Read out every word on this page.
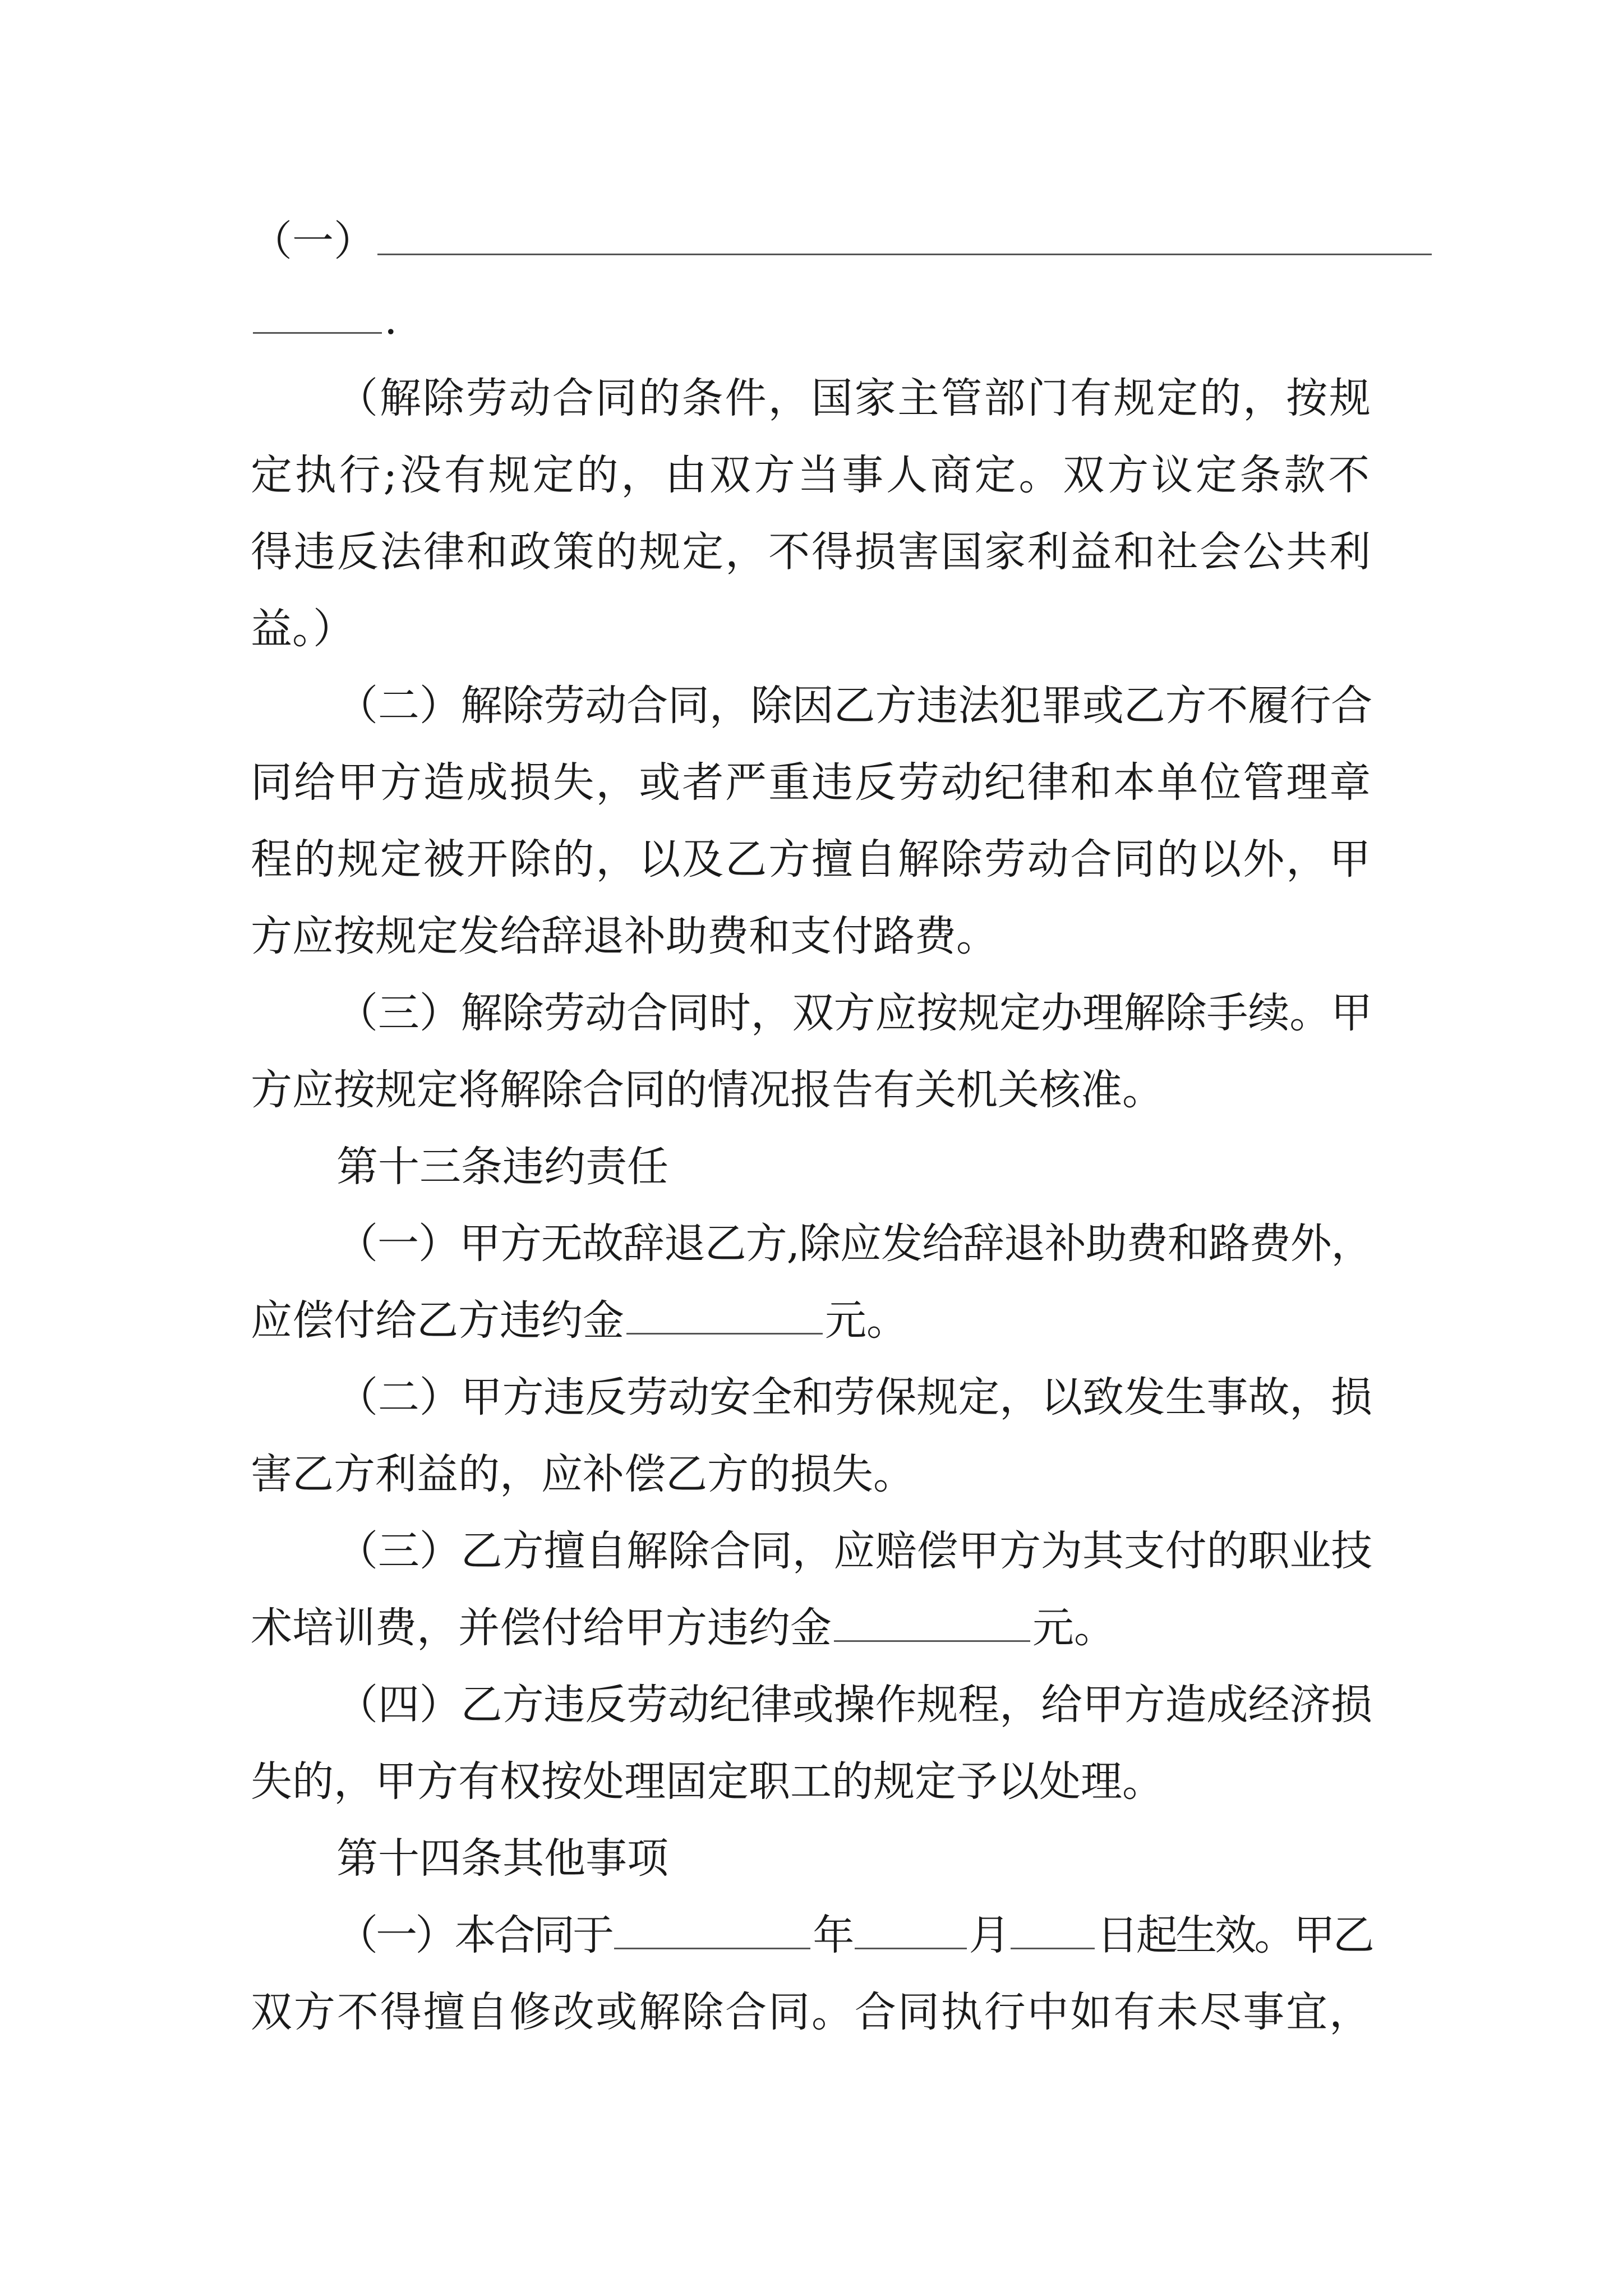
（一）
.
（解除劳动合同的条件，国家主管部门有规定的，按规
定执行;没有规定的，由双方当事人商定。双方议定条款不
得违反法律和政策的规定，不得损害国家利益和社会公共利
益。）
（二）解除劳动合同，除因乙方违法犯罪或乙方不履行合
同给甲方造成损失，或者严重违反劳动纪律和本单位管理章
程的规定被开除的，以及乙方擅自解除劳动合同的以外，甲
方应按规定发给辞退补助费和支付路费。
（三）解除劳动合同时，双方应按规定办理解除手续。甲
方应按规定将解除合同的情况报告有关机关核准。
第十三条违约责任
（一）甲方无故辞退乙方,除应发给辞退补助费和路费外，
应偿付给乙方违约金	元。
（二）甲方违反劳动安全和劳保规定，以致发生事故，损
害乙方利益的，应补偿乙方的损失。
（三）乙方擅自解除合同，应赔偿甲方为其支付的职业技
术培训费，并偿付给甲方违约金	元。
（四）乙方违反劳动纪律或操作规程，给甲方造成经济损
失的，甲方有权按处理固定职工的规定予以处理。
第十四条其他事项
（一）本合同于	年	月 日起生效。甲乙
双方不得擅自修改或解除合同。合同执行中如有未尽事宜，
